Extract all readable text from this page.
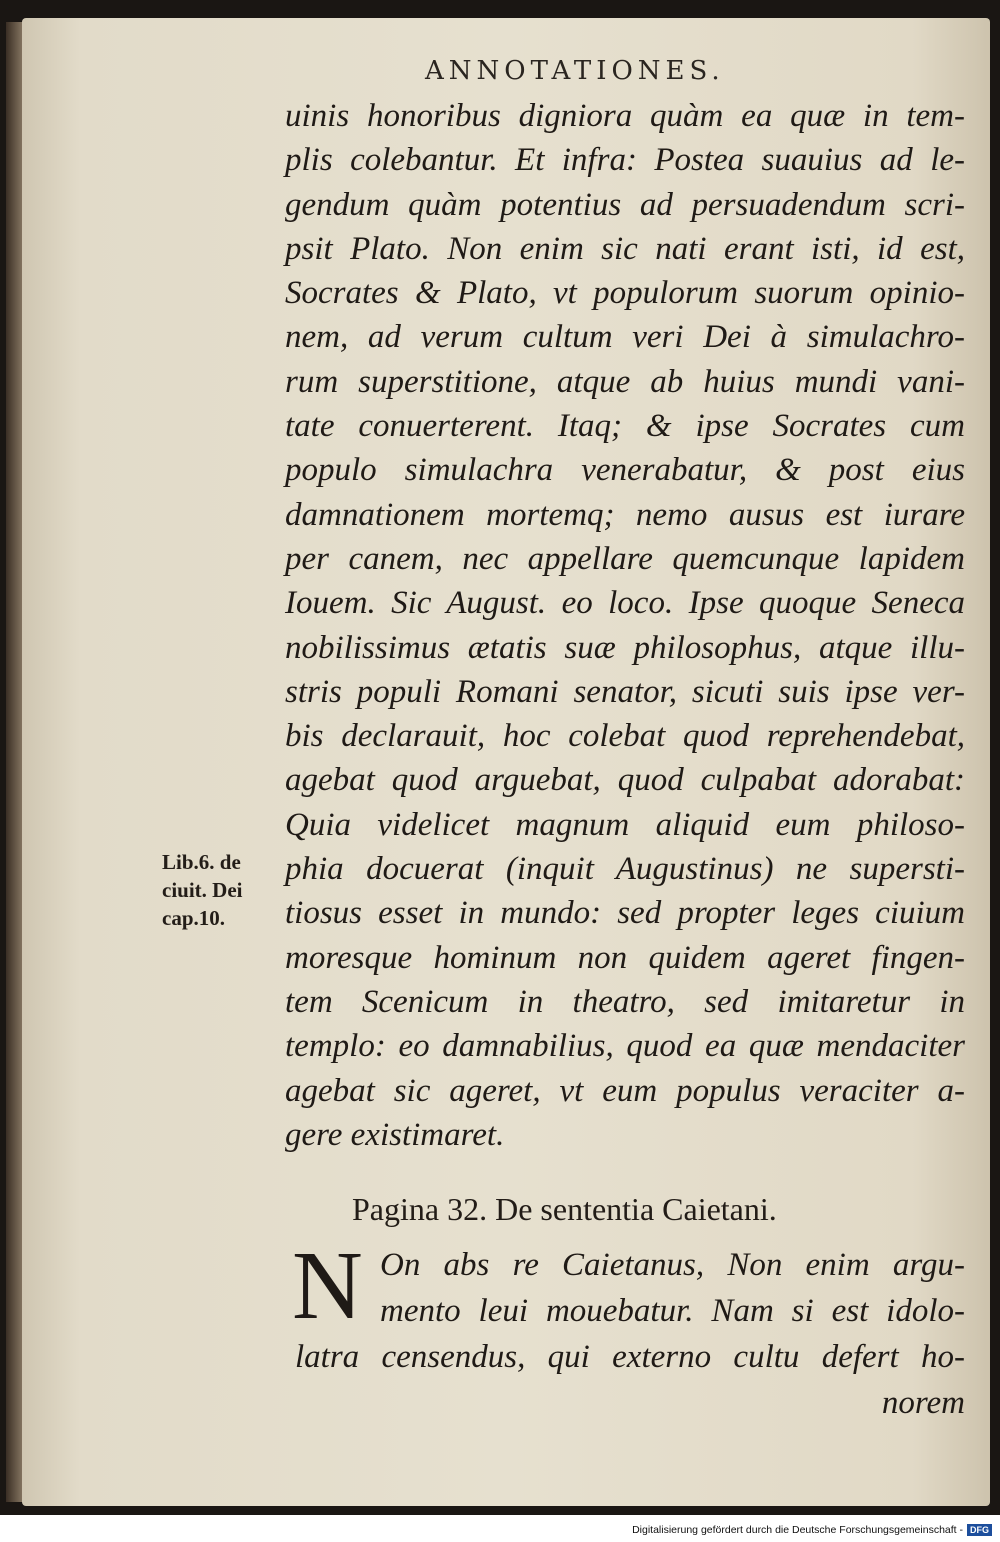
ANNOTATIONES.
uinis honoribus digniora quàm ea quæ in tem-
plis colebantur. Et infra: Postea suauius ad le-
gendum quàm potentius ad persuadendum scri-
psit Plato. Non enim sic nati erant isti, id est,
Socrates & Plato, vt populorum suorum opinio-
nem, ad verum cultum veri Dei à simulachro-
rum superstitione, atque ab huius mundi vani-
tate conuerterent. Itaq; & ipse Socrates cum
populo simulachra venerabatur, & post eius
damnationem mortemq; nemo ausus est iurare
per canem, nec appellare quemcunque lapidem
Iouem. Sic August. eo loco. Ipse quoque Seneca
nobilissimus ætatis suæ philosophus, atque illu-
stris populi Romani senator, sicuti suis ipse ver-
bis declarauit, hoc colebat quod reprehendebat,
agebat quod arguebat, quod culpabat adorabat:
Quia videlicet magnum aliquid eum philoso-
phia docuerat (inquit Augustinus) ne supersti-
tiosus esset in mundo: sed propter leges ciuium
moresque hominum non quidem ageret fingen-
tem Scenicum in theatro, sed imitaretur in
templo: eo damnabilius, quod ea quæ mendaciter
agebat sic ageret, vt eum populus veraciter a-
gere existimaret.
Lib.6. de
ciuit. Dei
cap.10.
Pagina 32. De sententia Caietani.
N On abs re Caietanus, Non enim argu-
mento leui mouebatur. Nam si est idolo-
latra censendus, qui externo cultu defert ho-
norem
Digitalisierung gefördert durch die Deutsche Forschungsgemeinschaft - DFG
